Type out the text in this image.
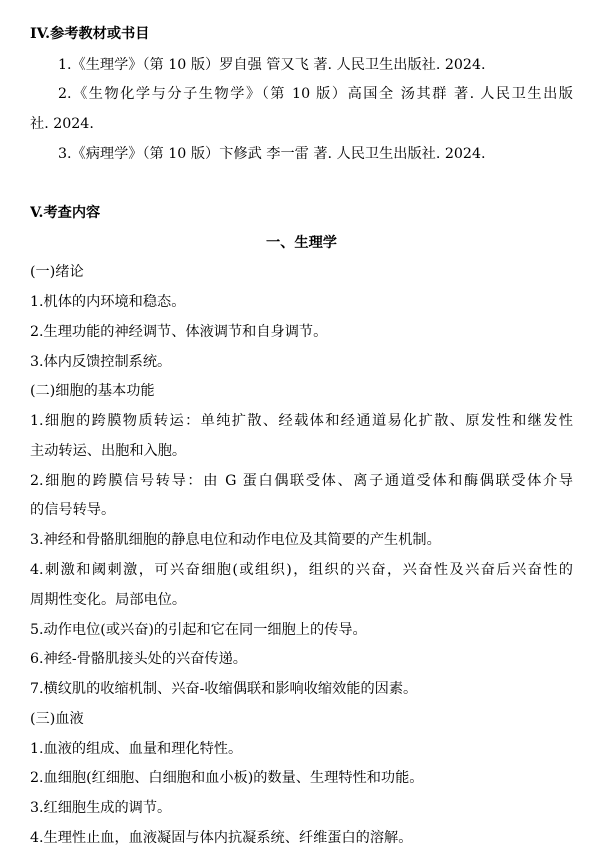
IV.参考教材或书目
1.《生理学》（第 10 版）罗自强 管又飞 著. 人民卫生出版社. 2024.
2.《生物化学与分子生物学》（第 10 版）高国全 汤其群 著. 人民卫生出版
社. 2024.
3.《病理学》（第 10 版）卞修武 李一雷 著. 人民卫生出版社. 2024.
V.考查内容
一、生理学
(一)绪论
1.机体的内环境和稳态。
2.生理功能的神经调节、体液调节和自身调节。
3.体内反馈控制系统。
(二)细胞的基本功能
1.细胞的跨膜物质转运：单纯扩散、经载体和经通道易化扩散、原发性和继发性
主动转运、出胞和入胞。
2.细胞的跨膜信号转导：由 G 蛋白偶联受体、离子通道受体和酶偶联受体介导
的信号转导。
3.神经和骨骼肌细胞的静息电位和动作电位及其简要的产生机制。
4.刺激和阈刺激，可兴奋细胞(或组织)，组织的兴奋，兴奋性及兴奋后兴奋性的
周期性变化。局部电位。
5.动作电位(或兴奋)的引起和它在同一细胞上的传导。
6.神经-骨骼肌接头处的兴奋传递。
7.横纹肌的收缩机制、兴奋-收缩偶联和影响收缩效能的因素。
(三)血液
1.血液的组成、血量和理化特性。
2.血细胞(红细胞、白细胞和血小板)的数量、生理特性和功能。
3.红细胞生成的调节。
4.生理性止血，血液凝固与体内抗凝系统、纤维蛋白的溶解。
